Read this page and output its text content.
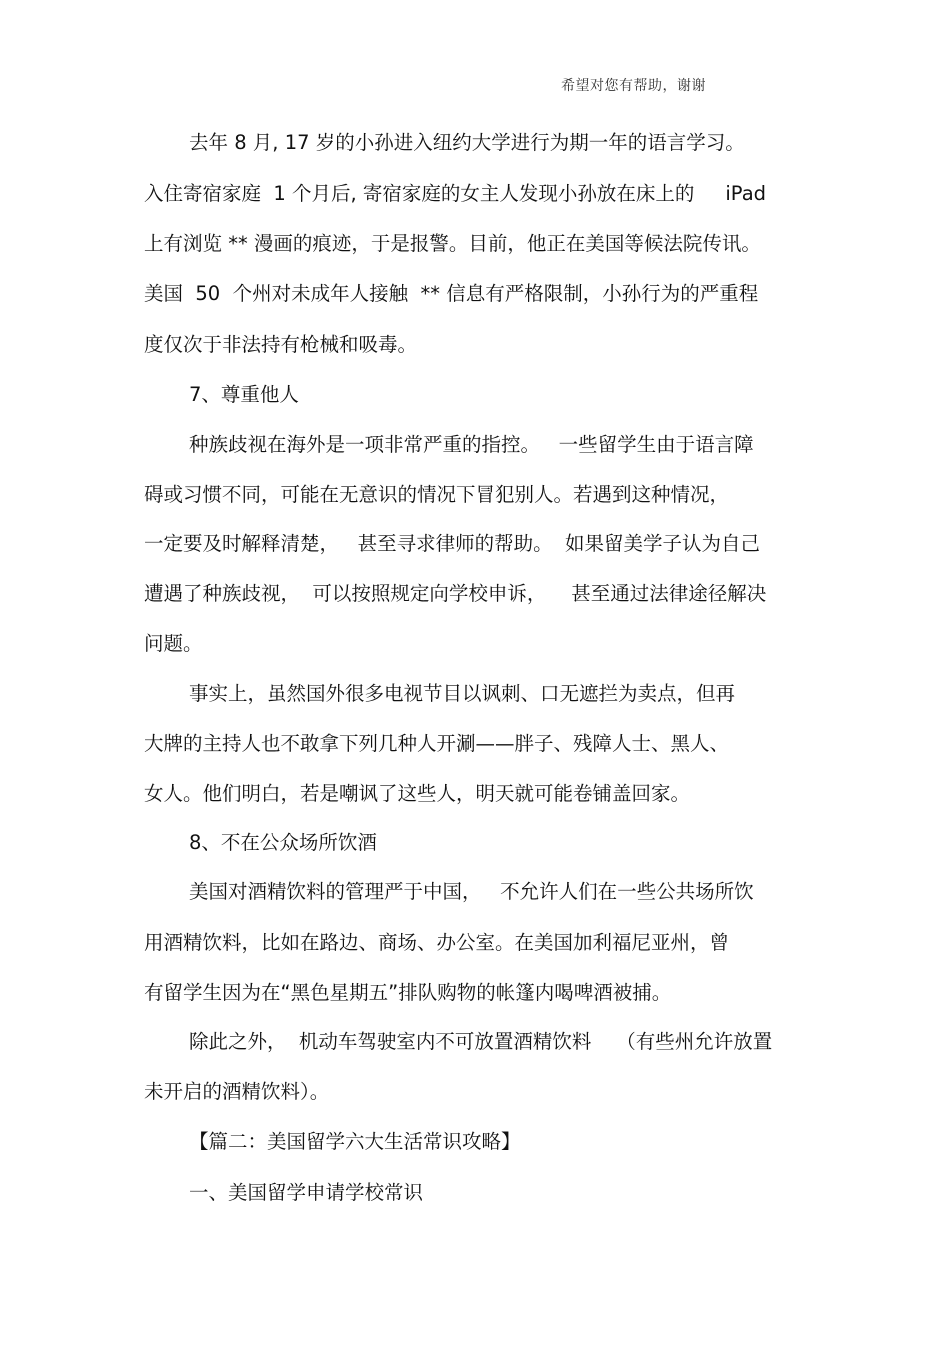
希望对您有帮助，谢谢
去年 8 月, 17 岁的小孙进入纽约大学进行为期一年的语言学习。
入住寄宿家庭  1 个月后, 寄宿家庭的女主人发现小孙放在床上的     iPad
上有浏览 ** 漫画的痕迹，于是报警。目前，他正在美国等候法院传讯。
美国  50  个州对未成年人接触  ** 信息有严格限制，小孙行为的严重程
度仅次于非法持有枪械和吸毒。
7、尊重他人
种族歧视在海外是一项非常严重的指控。   一些留学生由于语言障
碍或习惯不同，可能在无意识的情况下冒犯别人。若遇到这种情况，
一定要及时解释清楚，   甚至寻求律师的帮助。  如果留美学子认为自己
遭遇了种族歧视，  可以按照规定向学校申诉，    甚至通过法律途径解决
问题。
事实上，虽然国外很多电视节目以讽刺、口无遮拦为卖点，但再
大牌的主持人也不敢拿下列几种人开涮——胖子、残障人士、黑人、
女人。他们明白，若是嘲讽了这些人，明天就可能卷铺盖回家。
8、不在公众场所饮酒
美国对酒精饮料的管理严于中国，   不允许人们在一些公共场所饮
用酒精饮料，比如在路边、商场、办公室。在美国加利福尼亚州，曾
有留学生因为在“黑色星期五”排队购物的帐篷内喝啤酒被捕。
除此之外，  机动车驾驶室内不可放置酒精饮料    （有些州允许放置
未开启的酒精饮料）。
【篇二：美国留学六大生活常识攻略】
一、美国留学申请学校常识
